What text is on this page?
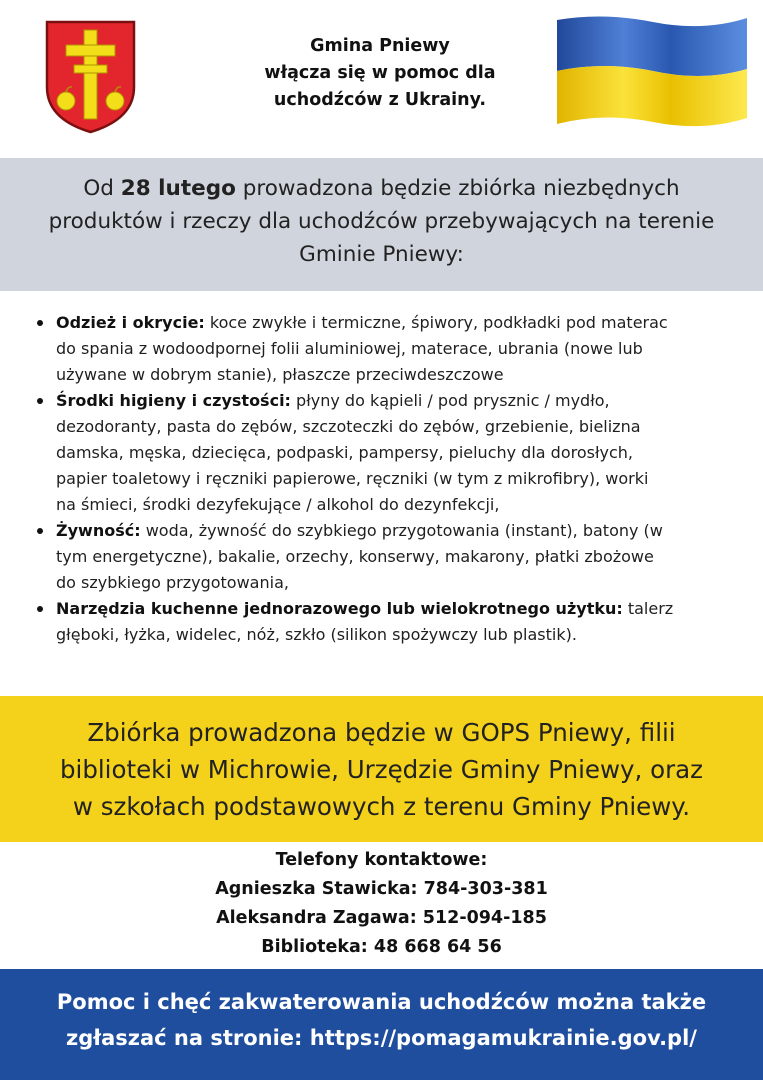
Gmina Pniewy
włącza się w pomoc dla
uchodźców z Ukrainy.
Od 28 lutego prowadzona będzie zbiórka niezbędnych
produktów i rzeczy dla uchodźców przebywających na terenie
Gminie Pniewy:
Odzież i okrycie: koce zwykłe i termiczne, śpiwory, podkładki pod materac
do spania z wodoodpornej folii aluminiowej, materace, ubrania (nowe lub
używane w dobrym stanie), płaszcze przeciwdeszczowe
Środki higieny i czystości: płyny do kąpieli / pod prysznic / mydło,
dezodoranty, pasta do zębów, szczoteczki do zębów, grzebienie, bielizna
damska, męska, dziecięca, podpaski, pampersy, pieluchy dla dorosłych,
papier toaletowy i ręczniki papierowe, ręczniki (w tym z mikrofibry), worki
na śmieci, środki dezyfekujące / alkohol do dezynfekcji,
Żywność: woda, żywność do szybkiego przygotowania (instant), batony (w
tym energetyczne), bakalie, orzechy, konserwy, makarony, płatki zbożowe
do szybkiego przygotowania,
Narzędzia kuchenne jednorazowego lub wielokrotnego użytku: talerz
głęboki, łyżka, widelec, nóż, szkło (silikon spożywczy lub plastik).
Zbiórka prowadzona będzie w GOPS Pniewy, filii
biblioteki w Michrowie, Urzędzie Gminy Pniewy, oraz
w szkołach podstawowych z terenu Gminy Pniewy.
Telefony kontaktowe:
Agnieszka Stawicka: 784-303-381
Aleksandra Zagawa: 512-094-185
Biblioteka: 48 668 64 56
Pomoc i chęć zakwaterowania uchodźców można także
zgłaszać na stronie: https://pomagamukrainie.gov.pl/
